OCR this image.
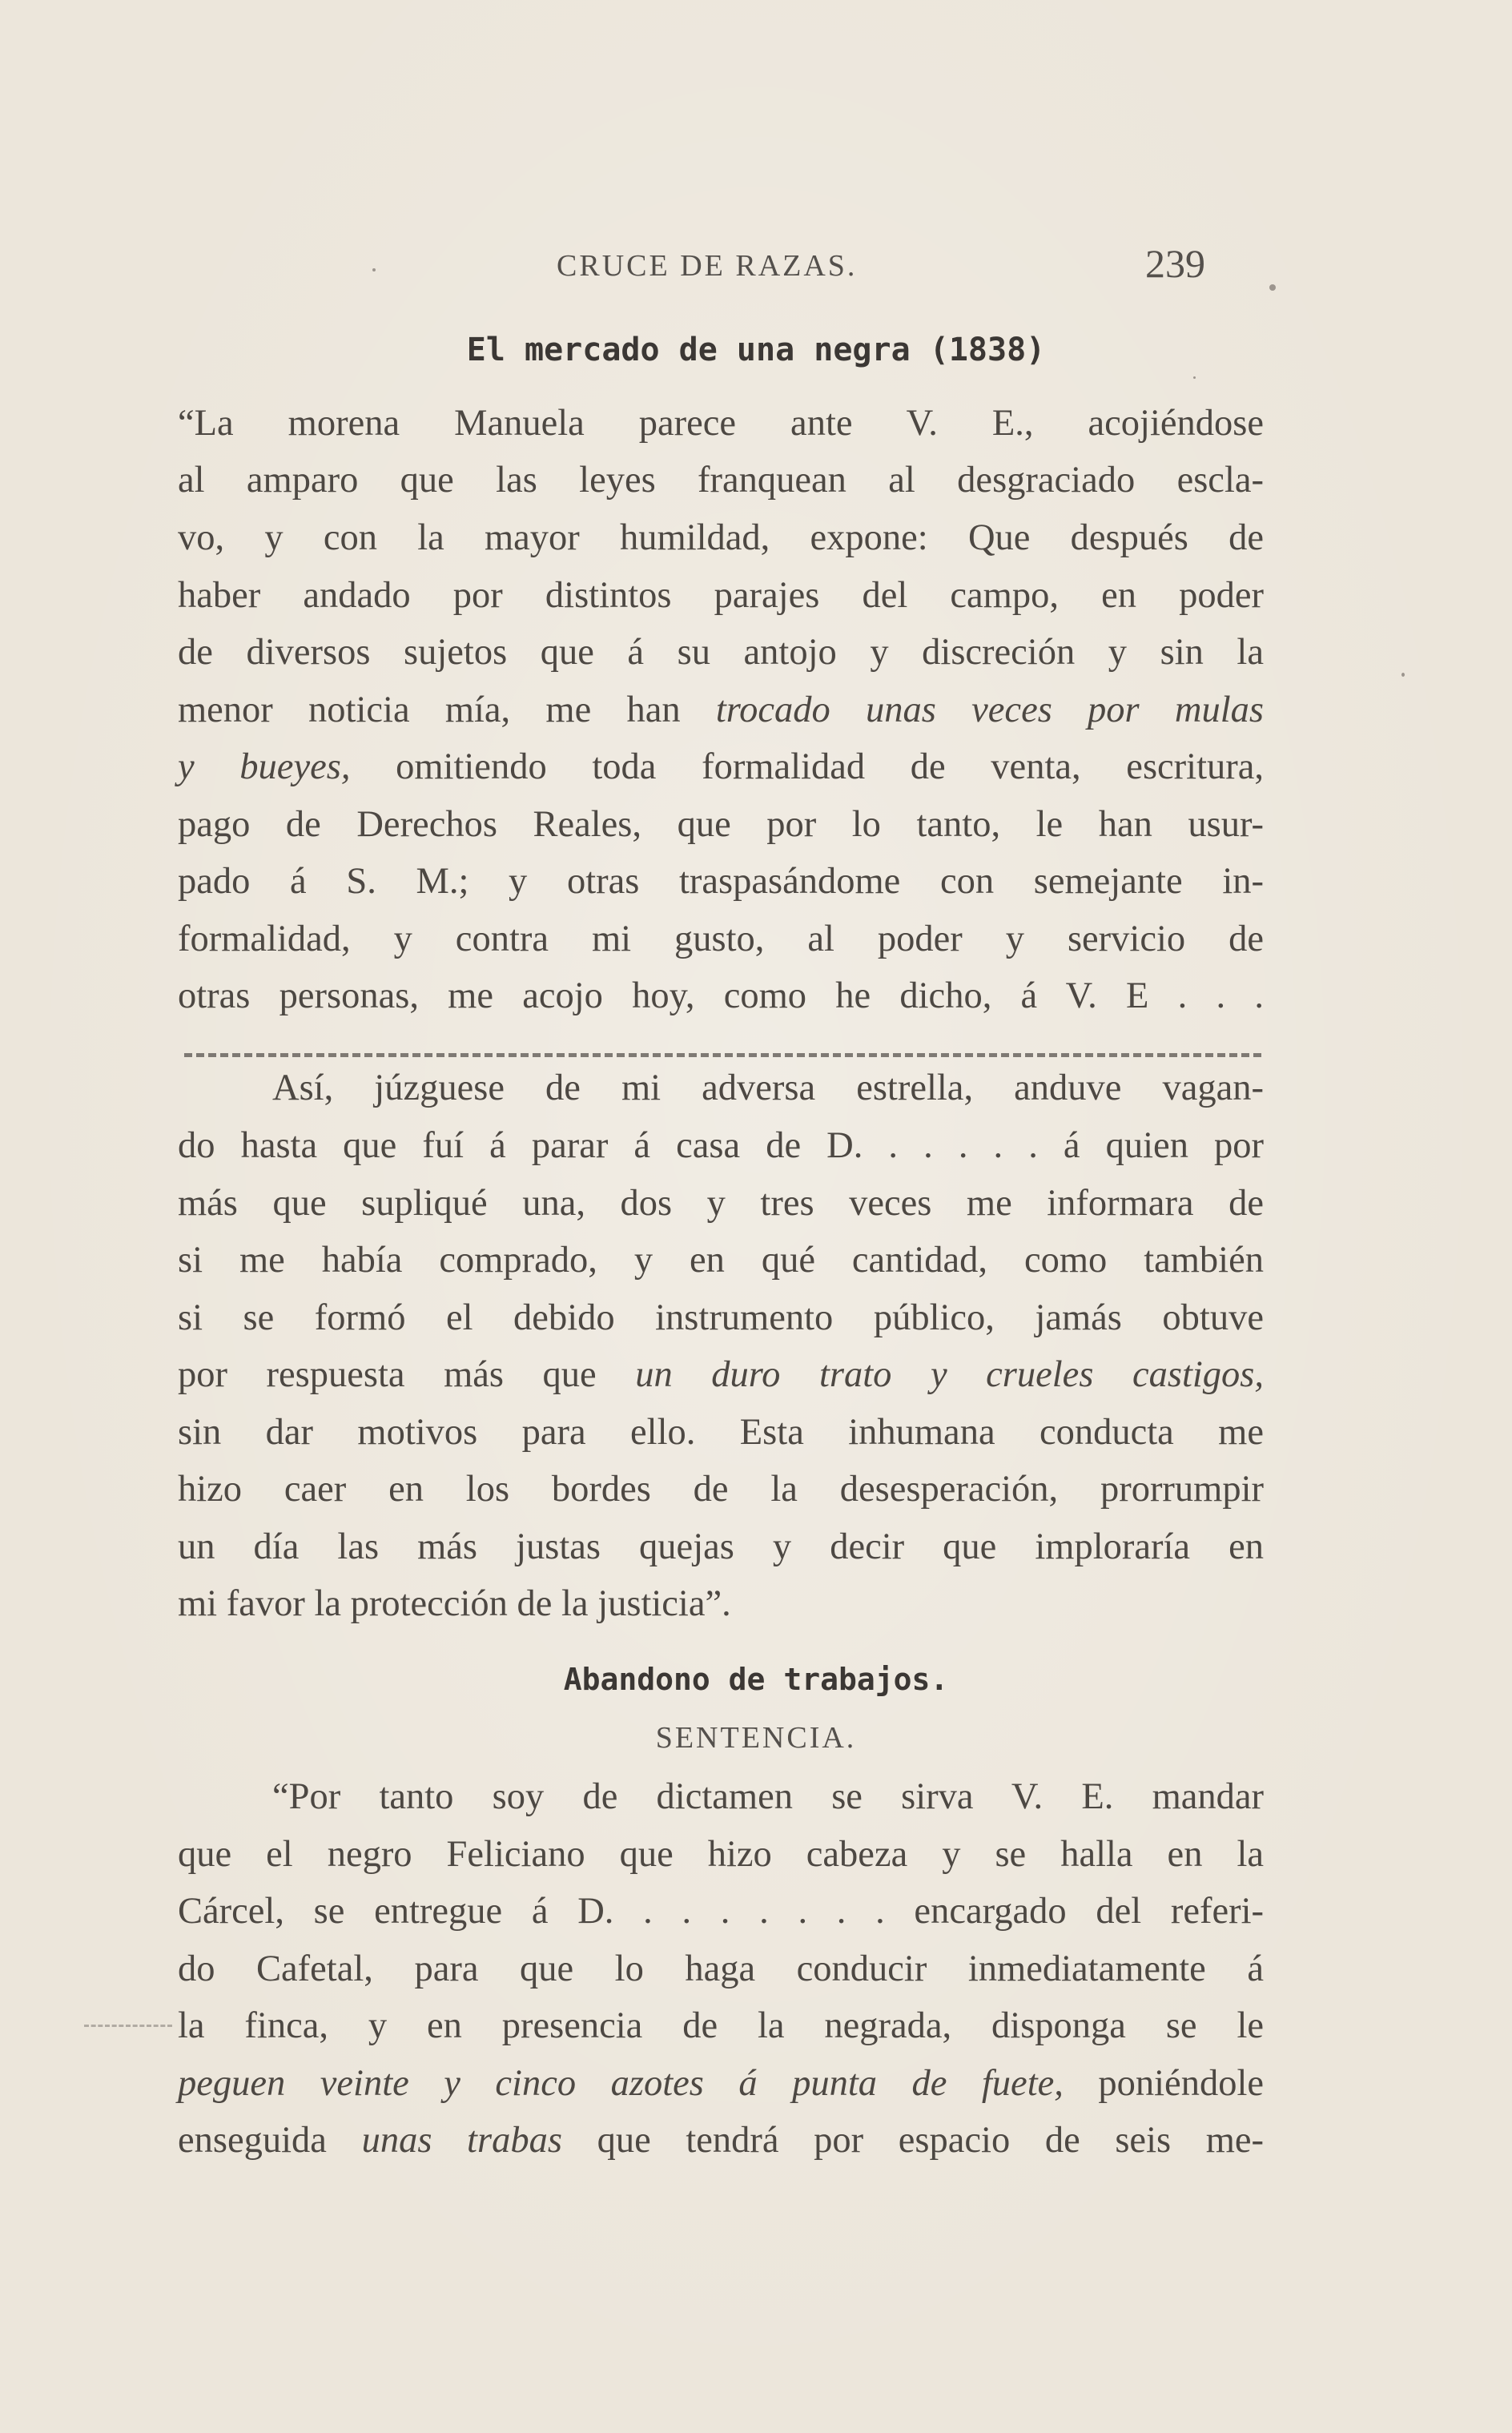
CRUCE DE RAZAS.	239
El mercado de una negra (1838)
“La morena Manuela parece ante V. E., acojiéndose
al amparo que las leyes franquean al desgraciado escla-
vo, y con la mayor humildad, expone: Que después de
haber andado por distintos parajes del campo, en poder
de diversos sujetos que á su antojo y discreción y sin la
menor noticia mía, me han trocado unas veces por mulas
y bueyes, omitiendo toda formalidad de venta, escritura,
pago de Derechos Reales, que por lo tanto, le han usur-
pado á S. M.; y otras traspasándome con semejante in-
formalidad, y contra mi gusto, al poder y servicio de
otras personas, me acojo hoy, como he dicho, á V. E . . .
Así, júzguese de mi adversa estrella, anduve vagan-
do hasta que fuí á parar á casa de D. . . . . . á quien por
más que supliqué una, dos y tres veces me informara de
si me había comprado, y en qué cantidad, como también
si se formó el debido instrumento público, jamás obtuve
por respuesta más que un duro trato y crueles castigos,
sin dar motivos para ello. Esta inhumana conducta me
hizo caer en los bordes de la desesperación, prorrumpir
un día las más justas quejas y decir que imploraría en
mi favor la protección de la justicia”.
Abandono de trabajos.
SENTENCIA.
“Por tanto soy de dictamen se sirva V. E. mandar
que el negro Feliciano que hizo cabeza y se halla en la
Cárcel, se entregue á D. . . . . . . . encargado del referi-
do Cafetal, para que lo haga conducir inmediatamente á
la finca, y en presencia de la negrada, disponga se le
peguen veinte y cinco azotes á punta de fuete, poniéndole
enseguida unas trabas que tendrá por espacio de seis me-
